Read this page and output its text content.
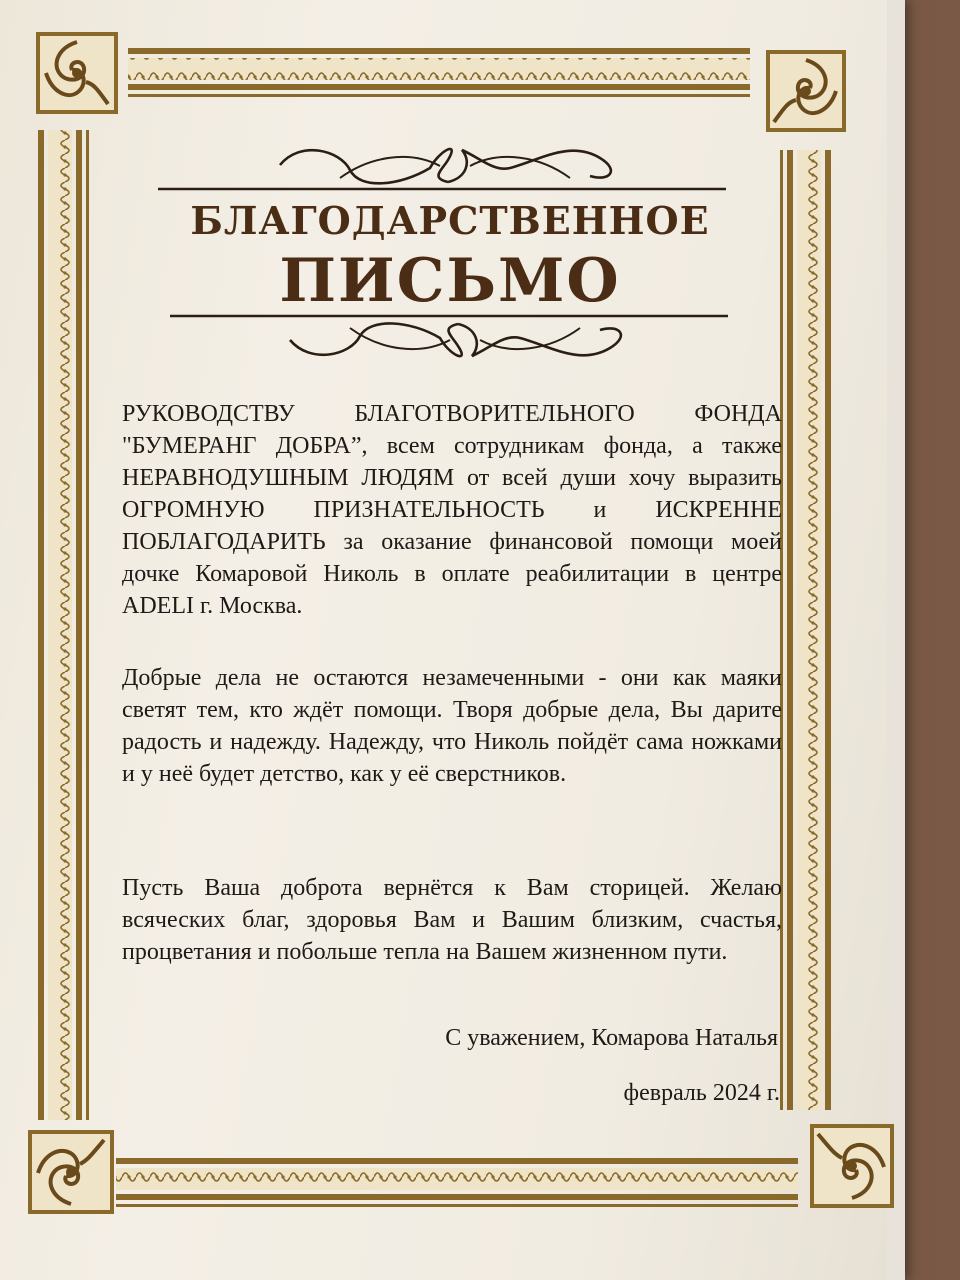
БЛАГОДАРСТВЕННОЕ
ПИСЬМО
РУКОВОДСТВУ БЛАГОТВОРИТЕЛЬНОГО ФОНДА "БУМЕРАНГ ДОБРА”, всем сотрудникам фонда, а также НЕРАВНОДУШНЫМ ЛЮДЯМ от всей души хочу выразить ОГРОМНУЮ ПРИЗНАТЕЛЬНОСТЬ и ИСКРЕННЕ ПОБЛАГОДАРИТЬ за оказание финансовой помощи моей дочке Комаровой Николь в оплате реабилитации в центре ADELI г. Москва.
Добрые дела не остаются незамеченными - они как маяки светят тем, кто ждёт помощи. Творя добрые дела, Вы дарите радость и надежду. Надежду, что Николь пойдёт сама ножками и у неё будет детство, как у её сверстников.
Пусть Ваша доброта вернётся к Вам сторицей. Желаю всяческих благ, здоровья Вам и Вашим близким, счастья, процветания и побольше тепла на Вашем жизненном пути.
С уважением, Комарова Наталья
февраль 2024 г.
